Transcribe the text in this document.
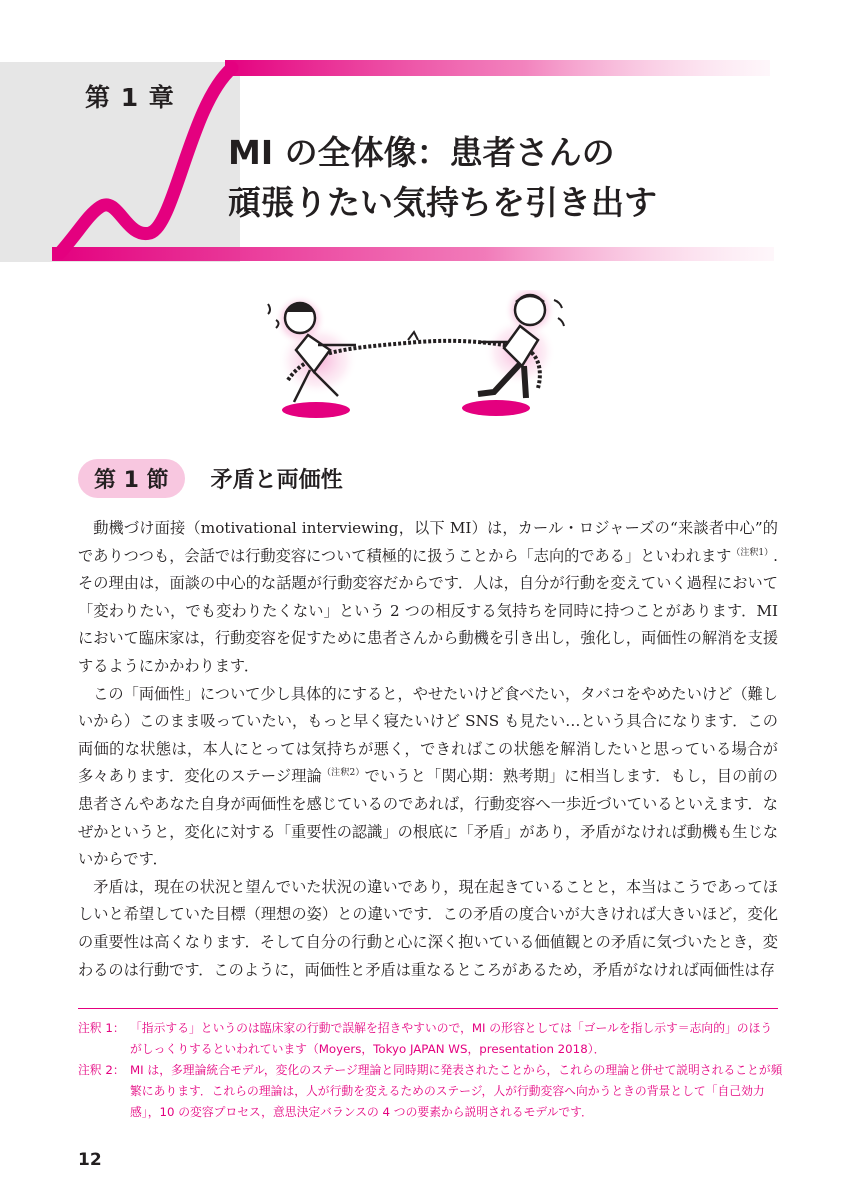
第 1 章
MI の全体像：患者さんの
頑張りたい気持ちを引き出す
第 1 節	矛盾と両価性

動機づけ面接（motivational interviewing，以下 MI）は，カール・ロジャーズの“来談者中心”的でありつつも，会話では行動変容について積極的に扱うことから「志向的である」といわれます$^{(注釈1)}$.その理由は，面談の中心的な話題が行動変容だからです．人は，自分が行動を変えていく過程において「変わりたい，でも変わりたくない」という 2 つの相反する気持ちを同時に持つことがあります．MI において臨床家は，行動変容を促すために患者さんから動機を引き出し，強化し，両価性の解消を支援するようにかかわります．

この「両価性」について少し具体的にすると，やせたいけど食べたい，タバコをやめたいけど（難しいから）このまま吸っていたい，もっと早く寝たいけど SNS も見たい…という具合になります．この両価的な状態は，本人にとっては気持ちが悪く，できればこの状態を解消したいと思っている場合が多々あります．変化のステージ理論$^{(注釈2)}$でいうと「関心期：熟考期」に相当します．もし，目の前の患者さんやあなた自身が両価性を感じているのであれば，行動変容へ一歩近づいているといえます．なぜかというと，変化に対する「重要性の認識」の根底に「矛盾」があり，矛盾がなければ動機も生じないからです．

矛盾は，現在の状況と望んでいた状況の違いであり，現在起きていることと，本当はこうであってほしいと希望していた目標（理想の姿）との違いです．この矛盾の度合いが大きければ大きいほど，変化の重要性は高くなります．そして自分の行動と心に深く抱いている価値観との矛盾に気づいたとき，変わるのは行動です．このように，両価性と矛盾は重なるところがあるため，矛盾がなければ両価性は存

注釈 1： 「指示する」というのは臨床家の行動で誤解を招きやすいので，MI の形容としては「ゴールを指し示す＝志向的」のほうがしっくりするといわれています（Moyers，Tokyo JAPAN WS，presentation 2018）．
注釈 2： MI は，多理論統合モデル，変化のステージ理論と同時期に発表されたことから，これらの理論と併せて説明されることが頻繁にあります．これらの理論は，人が行動を変えるためのステージ，人が行動変容へ向かうときの背景として「自己効力感」，10 の変容プロセス，意思決定バランスの 4 つの要素から説明されるモデルです．
12
